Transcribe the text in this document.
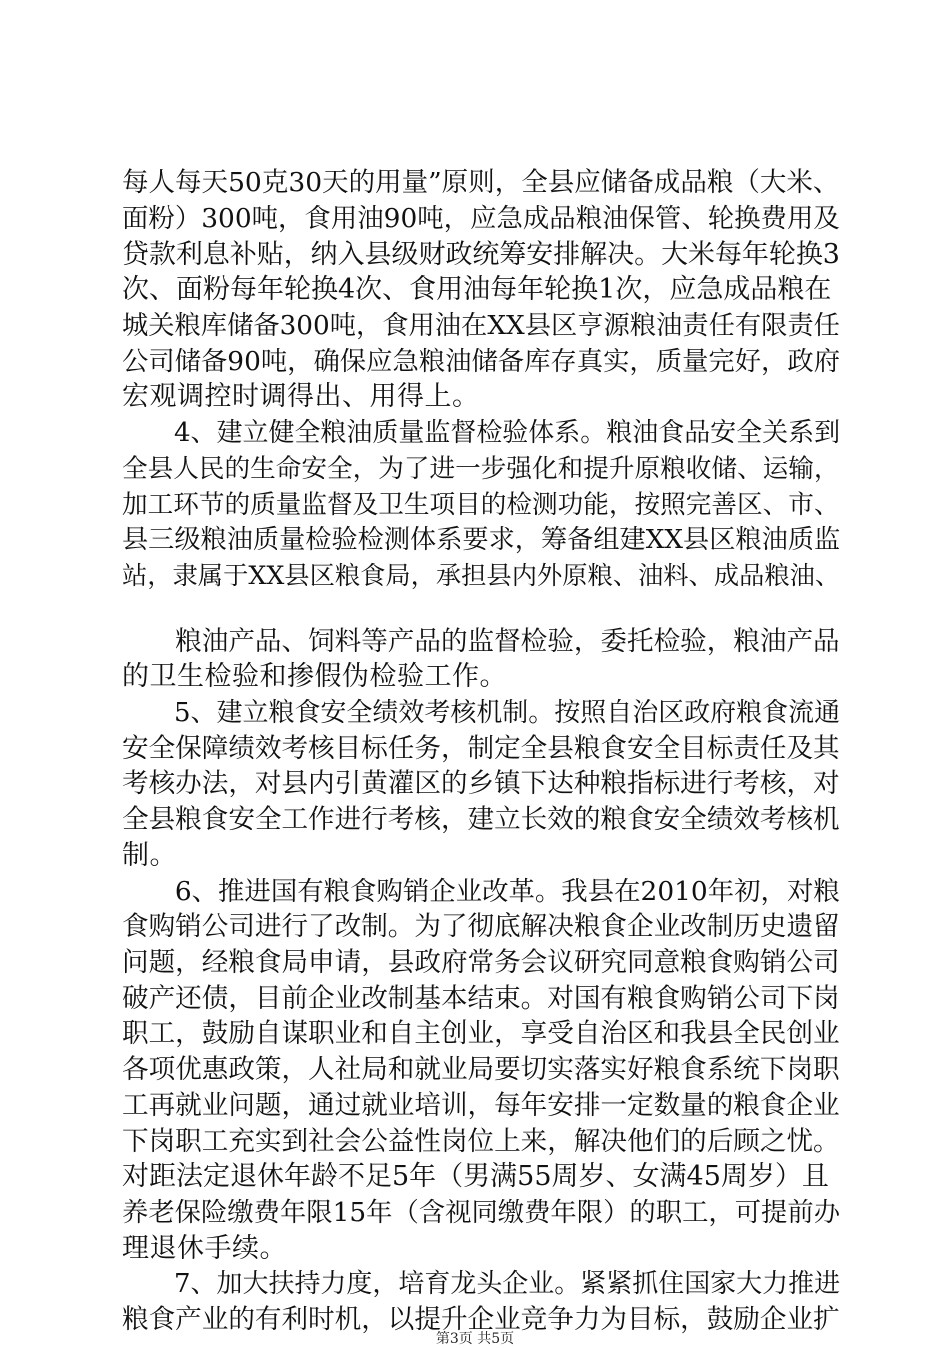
每人每天50克30天的用量”原则，全县应储备成品粮（大米、
面粉）300吨，食用油90吨，应急成品粮油保管、轮换费用及
贷款利息补贴，纳入县级财政统筹安排解决。大米每年轮换3
次、面粉每年轮换4次、食用油每年轮换1次，应急成品粮在
城关粮库储备300吨，食用油在XX县区亨源粮油责任有限责任
公司储备90吨，确保应急粮油储备库存真实，质量完好，政府
宏观调控时调得出、用得上。
　　4、建立健全粮油质量监督检验体系。粮油食品安全关系到
全县人民的生命安全，为了进一步强化和提升原粮收储、运输，
加工环节的质量监督及卫生项目的检测功能，按照完善区、市、
县三级粮油质量检验检测体系要求，筹备组建XX县区粮油质监
站，隶属于XX县区粮食局，承担县内外原粮、油料、成品粮油、
　　粮油产品、饲料等产品的监督检验，委托检验，粮油产品
的卫生检验和掺假伪检验工作。
　　5、建立粮食安全绩效考核机制。按照自治区政府粮食流通
安全保障绩效考核目标任务，制定全县粮食安全目标责任及其
考核办法，对县内引黄灌区的乡镇下达种粮指标进行考核，对
全县粮食安全工作进行考核，建立长效的粮食安全绩效考核机
制。
　　6、推进国有粮食购销企业改革。我县在2010年初，对粮
食购销公司进行了改制。为了彻底解决粮食企业改制历史遗留
问题，经粮食局申请，县政府常务会议研究同意粮食购销公司
破产还债，目前企业改制基本结束。对国有粮食购销公司下岗
职工，鼓励自谋职业和自主创业，享受自治区和我县全民创业
各项优惠政策，人社局和就业局要切实落实好粮食系统下岗职
工再就业问题，通过就业培训，每年安排一定数量的粮食企业
下岗职工充实到社会公益性岗位上来，解决他们的后顾之忧。
对距法定退休年龄不足5年（男满55周岁、女满45周岁）且
养老保险缴费年限15年（含视同缴费年限）的职工，可提前办
理退休手续。
　　7、加大扶持力度，培育龙头企业。紧紧抓住国家大力推进
粮食产业的有利时机，以提升企业竞争力为目标，鼓励企业扩
第3页 共5页
